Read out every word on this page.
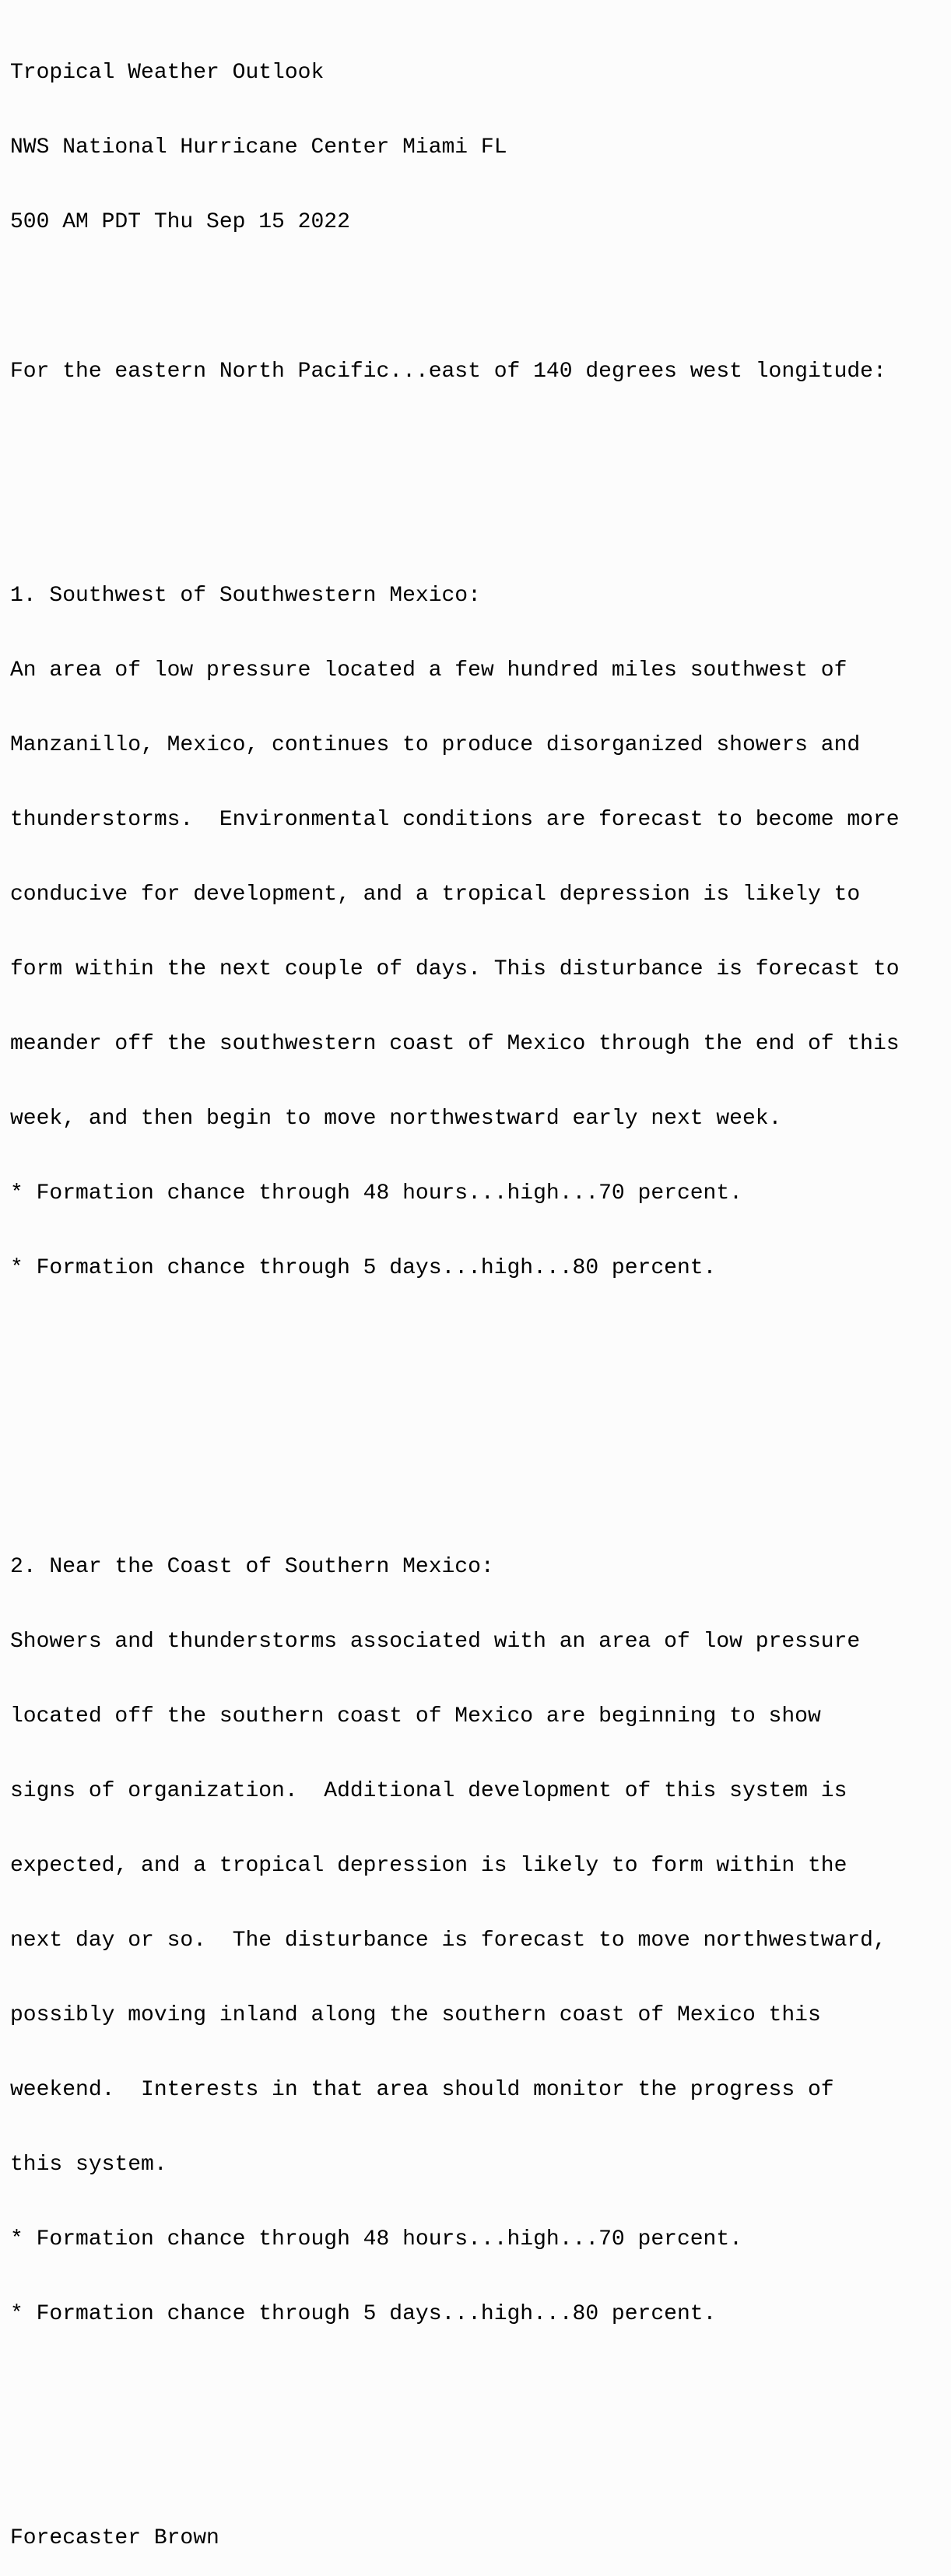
Tropical Weather Outlook

NWS National Hurricane Center Miami FL

500 AM PDT Thu Sep 15 2022

For the eastern North Pacific...east of 140 degrees west longitude:

1. Southwest of Southwestern Mexico:

An area of low pressure located a few hundred miles southwest of

Manzanillo, Mexico, continues to produce disorganized showers and

thunderstorms.  Environmental conditions are forecast to become more

conducive for development, and a tropical depression is likely to

form within the next couple of days. This disturbance is forecast to

meander off the southwestern coast of Mexico through the end of this

week, and then begin to move northwestward early next week.

* Formation chance through 48 hours...high...70 percent.

* Formation chance through 5 days...high...80 percent.

2. Near the Coast of Southern Mexico:

Showers and thunderstorms associated with an area of low pressure

located off the southern coast of Mexico are beginning to show

signs of organization.  Additional development of this system is

expected, and a tropical depression is likely to form within the

next day or so.  The disturbance is forecast to move northwestward,

possibly moving inland along the southern coast of Mexico this

weekend.  Interests in that area should monitor the progress of

this system.

* Formation chance through 48 hours...high...70 percent.

* Formation chance through 5 days...high...80 percent.

Forecaster Brown
